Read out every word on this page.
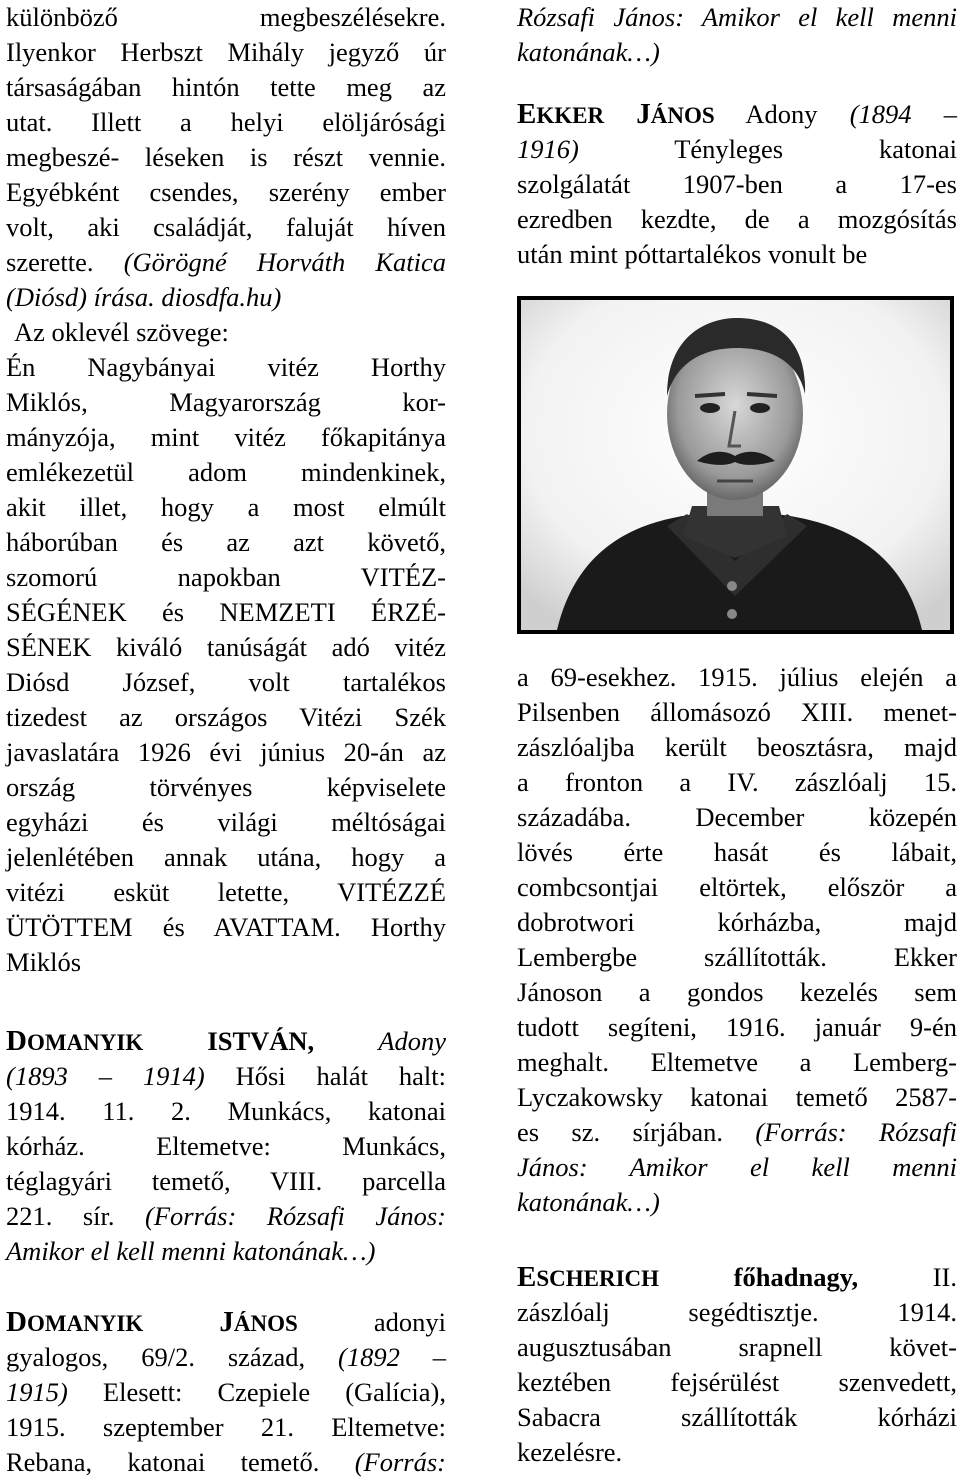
különböző megbeszélésekre.
Ilyenkor Herbszt Mihály jegyző úr
társaságában hintón tette meg az
utat. Illett a helyi elöljárósági
megbeszé- léseken is részt vennie.
Egyébként csendes, szerény ember
volt, aki családját, faluját híven
szerette. (Görögné Horváth Katica
(Diósd) írása. diosdfa.hu)
Az oklevél szövege:
Én Nagybányai vitéz Horthy
Miklós, Magyarország kor-
mányzója, mint vitéz főkapitánya
emlékezetül adom mindenkinek,
akit illet, hogy a most elmúlt
háborúban és az azt követő,
szomorú napokban VITÉZ-
SÉGÉNEK és NEMZETI ÉRZÉ-
SÉNEK kiváló tanúságát adó vitéz
Diósd József, volt tartalékos
tizedest az országos Vitézi Szék
javaslatára 1926 évi június 20-án az
ország törvényes képviselete
egyházi és világi méltóságai
jelenlétében annak utána, hogy a
vitézi esküt letette, VITÉZZÉ
ÜTÖTTEM és AVATTAM. Horthy
Miklós
DOMANYIK ISTVÁN, Adony
(1893 – 1914) Hősi halát halt:
1914. 11. 2. Munkács, katonai
kórház. Eltemetve: Munkács,
téglagyári temető, VIII. parcella
221. sír. (Forrás: Rózsafi János:
Amikor el kell menni katonának…)
DOMANYIK	JÁNOS	adonyi
gyalogos, 69/2. század, (1892 –
1915) Elesett: Czepiele (Galícia),
1915. szeptember 21. Eltemetve:
Rebana, katonai temető. (Forrás:
Rózsafi János: Amikor el kell menni
katonának…)
EKKER JÁNOS Adony (1894 –
1916)	Tényleges katonai
szolgálatát 1907-ben a 17-es
ezredben kezdte, de a mozgósítás
után mint póttartalékos vonult be
a 69-esekhez. 1915. július elején a
Pilsenben állomásozó XIII. menet-
zászlóaljba került beosztásra, majd
a fronton a IV. zászlóalj 15.
századába. December közepén
lövés érte hasát és lábait,
combcsontjai eltörtek, először a
dobrotwori kórházba, majd
Lembergbe szállították. Ekker
Jánoson a gondos kezelés sem
tudott segíteni, 1916. január 9-én
meghalt. Eltemetve a Lemberg-
Lyczakowsky katonai temető 2587-
es sz. sírjában. (Forrás: Rózsafi
János: Amikor el kell menni
katonának…)
ESCHERICH	főhadnagy,	II.
zászlóalj segédtisztje. 1914.
augusztusában srapnell követ-
keztében fejsérülést szenvedett,
Sabacra szállították kórházi
kezelésre.
